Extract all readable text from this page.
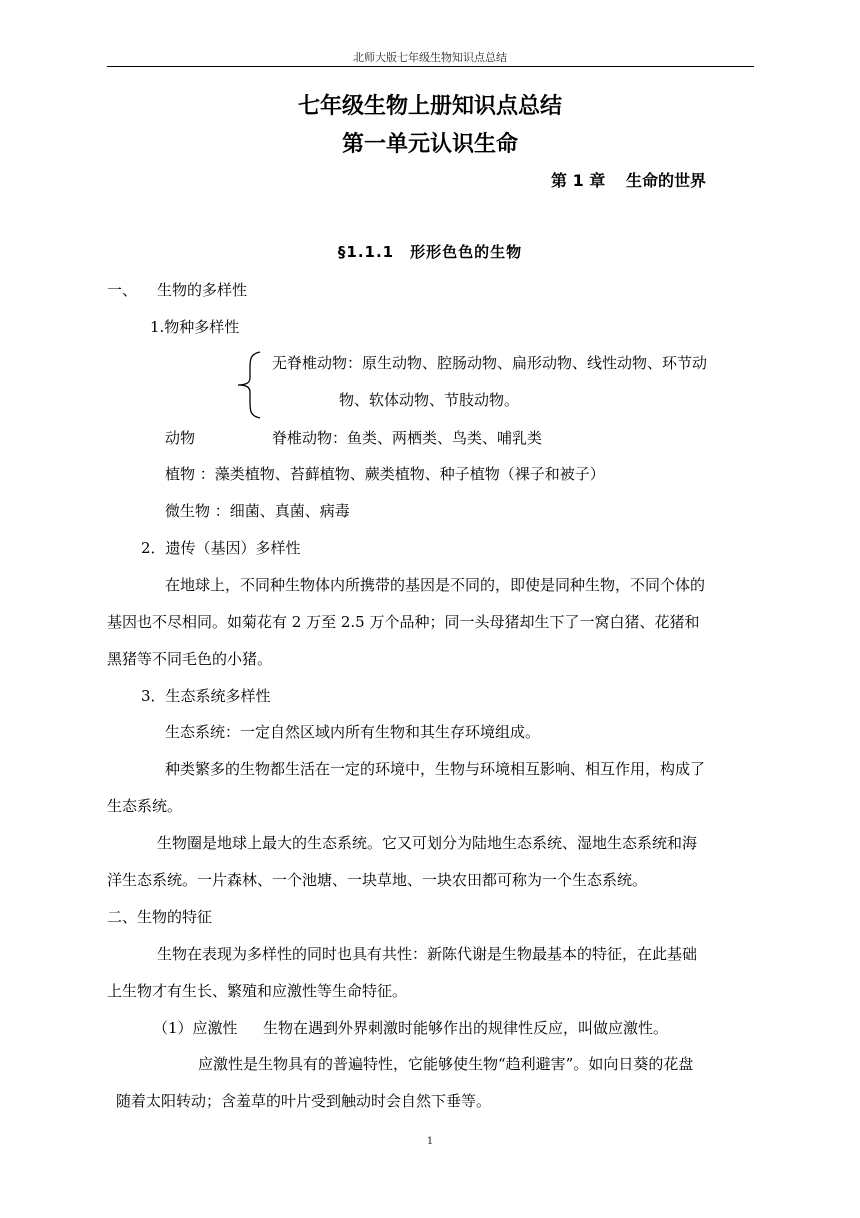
北师大版七年级生物知识点总结
七年级生物上册知识点总结
第一单元认识生命
第 1 章 生命的世界
§1.1.1　形形色色的生物
一、 生物的多样性
1.物种多样性
无脊椎动物：原生动物、腔肠动物、扁形动物、线性动物、环节动
物、软体动物、节肢动物。
动物	脊椎动物：鱼类、两栖类、鸟类、哺乳类
植物 ：藻类植物、苔藓植物、蕨类植物、种子植物（裸子和被子）
微生物 ：细菌、真菌、病毒
2．遗传（基因）多样性
在地球上，不同种生物体内所携带的基因是不同的，即使是同种生物，不同个体的
基因也不尽相同。如菊花有 2 万至 2.5 万个品种；同一头母猪却生下了一窝白猪、花猪和
黑猪等不同毛色的小猪。
3．生态系统多样性
生态系统：一定自然区域内所有生物和其生存环境组成。
种类繁多的生物都生活在一定的环境中，生物与环境相互影响、相互作用，构成了
生态系统。
生物圈是地球上最大的生态系统。它又可划分为陆地生态系统、湿地生态系统和海
洋生态系统。一片森林、一个池塘、一块草地、一块农田都可称为一个生态系统。
二、生物的特征
生物在表现为多样性的同时也具有共性：新陈代谢是生物最基本的特征，在此基础
上生物才有生长、繁殖和应激性等生命特征。
（1）应激性 生物在遇到外界刺激时能够作出的规律性反应，叫做应激性。
应激性是生物具有的普遍特性，它能够使生物“趋利避害”。如向日葵的花盘
随着太阳转动；含羞草的叶片受到触动时会自然下垂等。
1
